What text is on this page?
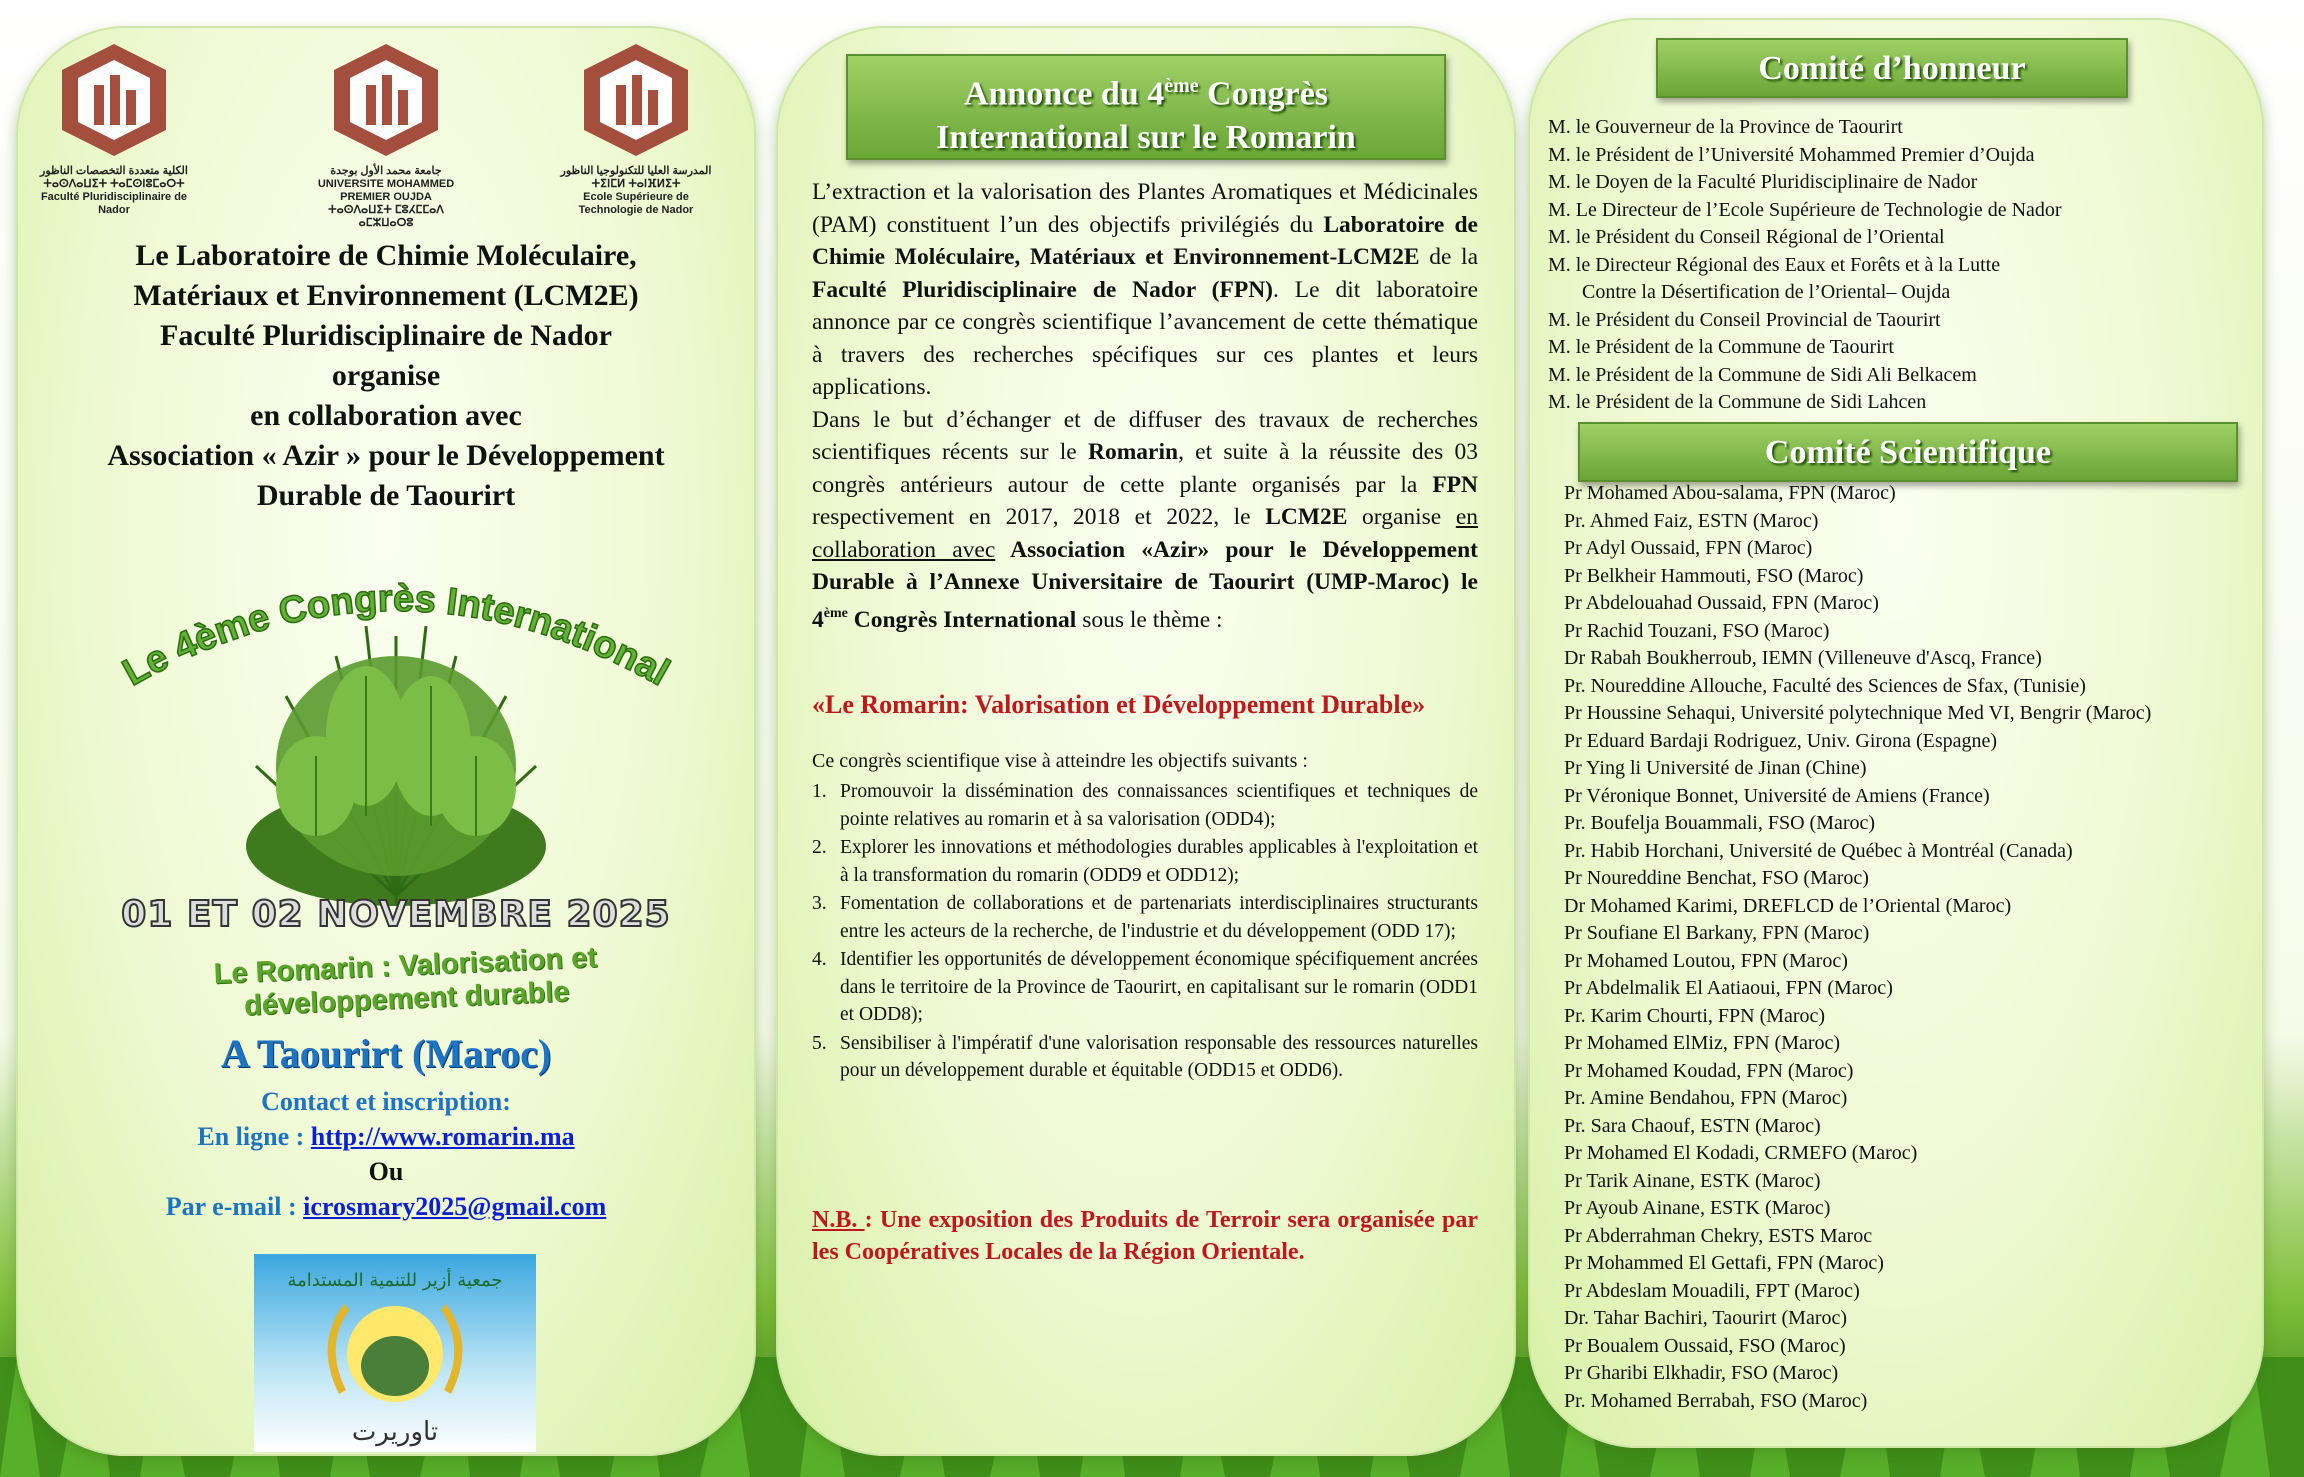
الكلية متعددة التخصصات الناظور
ⵜⴰⵙⴷⴰⵡⵉⵜ ⵜⴰⵎⵙⵏⵓⵎⴰⵔⵜ
Faculté Pluridisciplinaire de Nador
جامعة محمد الأول بوجدة
UNIVERSITE MOHAMMED PREMIER OUJDA
ⵜⴰⵙⴷⴰⵡⵉⵜ ⵎⵓⵃⵎⵎⴰⴷ ⴰⵎⵣⵡⴰⵔⵓ
المدرسة العليا للتكنولوجيا الناظور
ⵜⵉⵏⵎⵍ ⵜⴰⵏⴼⵍⵉⵜ
Ecole Supérieure de Technologie de Nador
Le Laboratoire de Chimie Moléculaire,
Matériaux et Environnement (LCM2E)
Faculté Pluridisciplinaire de Nador
organise
en collaboration avec
Association « Azir » pour le Développement
Durable de Taourirt
Le 4ème Congrès International
01 ET 02 NOVEMBRE 2025
Le Romarin : Valorisation et développement durable
A Taourirt (Maroc)
Contact et inscription:
En ligne : http://www.romarin.ma
Ou
Par e-mail : icrosmary2025@gmail.com
جمعية أزير للتنمية المستدامة
تاوريرت
Annonce du 4ème Congrès
International sur le Romarin
L’extraction et la valorisation des Plantes Aromatiques et Médicinales (PAM) constituent l’un des objectifs privilégiés du Laboratoire de Chimie Moléculaire, Matériaux et Environnement-LCM2E de la Faculté Pluridisciplinaire de Nador (FPN). Le dit laboratoire annonce par ce congrès scientifique l’avancement de cette thématique à travers des recherches spécifiques sur ces plantes et leurs applications.
Dans le but d’échanger et de diffuser des travaux de recherches scientifiques récents sur le Romarin, et suite à la réussite des 03 congrès antérieurs autour de cette plante organisés par la FPN respectivement en 2017, 2018 et 2022, le LCM2E organise en collaboration avec Association «Azir» pour le Développement Durable à l’Annexe Universitaire de Taourirt (UMP-Maroc) le 4ème Congrès International sous le thème :
«Le Romarin: Valorisation et Développement Durable»
Ce congrès scientifique vise à atteindre les objectifs suivants :
1. Promouvoir la dissémination des connaissances scientifiques et techniques de pointe relatives au romarin et à sa valorisation (ODD4);
2. Explorer les innovations et méthodologies durables applicables à l'exploitation et à la transformation du romarin (ODD9 et ODD12);
3. Fomentation de collaborations et de partenariats interdisciplinaires structurants entre les acteurs de la recherche, de l'industrie et du développement (ODD 17);
4. Identifier les opportunités de développement économique spécifiquement ancrées dans le territoire de la Province de Taourirt, en capitalisant sur le romarin (ODD1 et ODD8);
5. Sensibiliser à l'impératif d'une valorisation responsable des ressources naturelles pour un développement durable et équitable (ODD15 et ODD6).
N.B. : Une exposition des Produits de Terroir sera organisée par les Coopératives Locales de la Région Orientale.
Comité d’honneur
M. le Gouverneur de la Province de Taourirt
M. le Président de l’Université Mohammed Premier d’Oujda
M. le Doyen de la Faculté Pluridisciplinaire de Nador
M. Le Directeur de l’Ecole Supérieure de Technologie de Nador
M. le Président du Conseil Régional de l’Oriental
M. le Directeur Régional des Eaux et Forêts et à la Lutte
Contre la Désertification de l’Oriental– Oujda
M. le Président du Conseil Provincial de Taourirt
M. le Président de la Commune de Taourirt
M. le Président de la Commune de Sidi Ali Belkacem
M. le Président de la Commune de Sidi Lahcen
Comité Scientifique
Pr Mohamed Abou-salama, FPN (Maroc)
Pr. Ahmed Faiz, ESTN (Maroc)
Pr Adyl Oussaid, FPN (Maroc)
Pr Belkheir Hammouti, FSO (Maroc)
Pr Abdelouahad Oussaid, FPN (Maroc)
Pr Rachid Touzani, FSO (Maroc)
Dr Rabah Boukherroub, IEMN (Villeneuve d'Ascq, France)
Pr. Noureddine Allouche, Faculté des Sciences de Sfax, (Tunisie)
Pr Houssine Sehaqui, Université polytechnique Med VI, Bengrir (Maroc)
Pr Eduard Bardaji Rodriguez, Univ. Girona (Espagne)
Pr Ying li Université de Jinan (Chine)
Pr Véronique Bonnet, Université de Amiens (France)
Pr. Boufelja Bouammali, FSO (Maroc)
Pr. Habib Horchani, Université de Québec à Montréal (Canada)
Pr Noureddine Benchat, FSO (Maroc)
Dr Mohamed Karimi, DREFLCD de l’Oriental (Maroc)
Pr Soufiane El Barkany, FPN (Maroc)
Pr Mohamed Loutou, FPN (Maroc)
Pr Abdelmalik El Aatiaoui, FPN (Maroc)
Pr. Karim Chourti, FPN (Maroc)
Pr Mohamed ElMiz, FPN (Maroc)
Pr Mohamed Koudad, FPN (Maroc)
Pr. Amine Bendahou, FPN (Maroc)
Pr. Sara Chaouf, ESTN (Maroc)
Pr Mohamed El Kodadi, CRMEFO (Maroc)
Pr Tarik Ainane, ESTK (Maroc)
Pr Ayoub Ainane, ESTK (Maroc)
Pr Abderrahman Chekry, ESTS Maroc
Pr Mohammed El Gettafi, FPN (Maroc)
Pr Abdeslam Mouadili, FPT (Maroc)
Dr. Tahar Bachiri, Taourirt (Maroc)
Pr Boualem Oussaid, FSO (Maroc)
Pr Gharibi Elkhadir, FSO (Maroc)
Pr. Mohamed Berrabah, FSO (Maroc)
